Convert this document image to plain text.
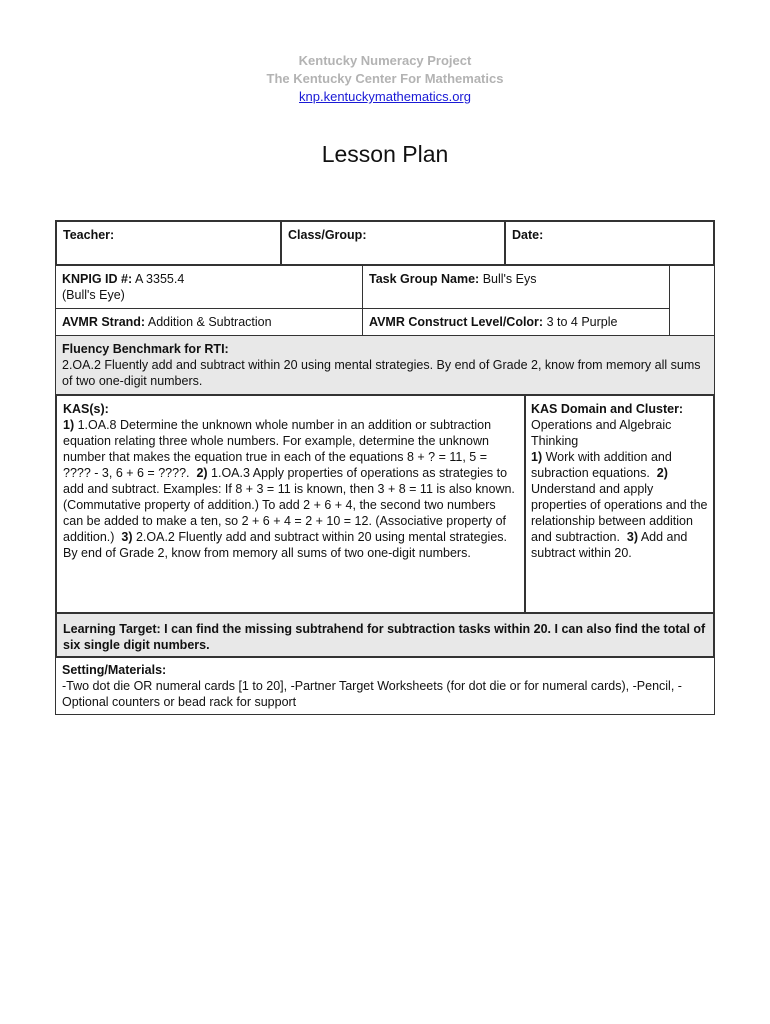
Kentucky Numeracy Project
The Kentucky Center For Mathematics
knp.kentuckymathematics.org
Lesson Plan
Teacher:	Class/Group:	Date:
KNPIG ID #: A 3355.4
(Bull's Eye)
Task Group Name: Bull's Eys
AVMR Strand: Addition & Subtraction	AVMR Construct Level/Color: 3 to 4 Purple
Fluency Benchmark for RTI:
2.OA.2 Fluently add and subtract within 20 using mental strategies. By end of Grade 2, know from memory all sums of two one-digit numbers.
KAS(s):
1) 1.OA.8 Determine the unknown whole number in an addition or subtraction equation relating three whole numbers. For example, determine the unknown number that makes the equation true in each of the equations 8 + ? = 11, 5 = ???? - 3, 6 + 6 = ????.  2) 1.OA.3 Apply properties of operations as strategies to add and subtract. Examples: If 8 + 3 = 11 is known, then 3 + 8 = 11 is also known. (Commutative property of addition.) To add 2 + 6 + 4, the second two numbers can be added to make a ten, so 2 + 6 + 4 = 2 + 10 = 12. (Associative property of addition.)  3) 2.OA.2 Fluently add and subtract within 20 using mental strategies. By end of Grade 2, know from memory all sums of two one-digit numbers.
KAS Domain and Cluster:
Operations and Algebraic Thinking
1) Work with addition and subraction equations.  2) Understand and apply properties of operations and the relationship between addition and subtraction.  3) Add and subtract within 20.
Learning Target: I can find the missing subtrahend for subtraction tasks within 20. I can also find the total of six single digit numbers.
Setting/Materials:
-Two dot die OR numeral cards [1 to 20], -Partner Target Worksheets (for dot die or for numeral cards), -Pencil, -Optional counters or bead rack for support
